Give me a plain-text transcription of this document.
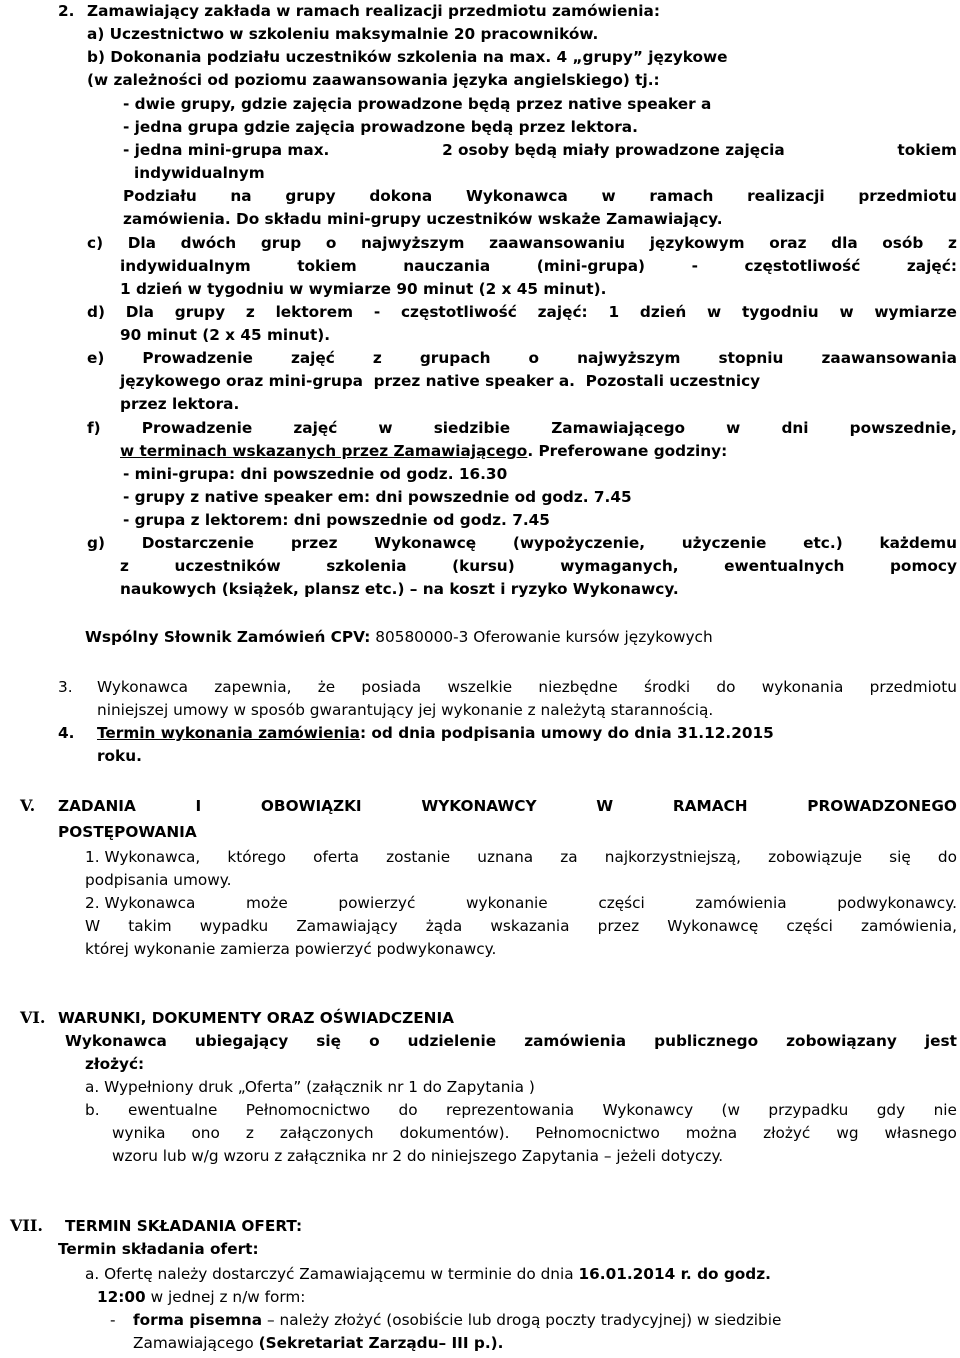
2. Zamawiający zakłada w ramach realizacji przedmiotu zamówienia:
a) Uczestnictwo w szkoleniu maksymalnie 20 pracowników.
b) Dokonania podziału uczestników szkolenia na max. 4 „grupy” językowe
(w zależności od poziomu zaawansowania języka angielskiego) tj.:
- dwie grupy, gdzie zajęcia prowadzone będą przez native speaker a
- jedna grupa gdzie zajęcia prowadzone będą przez lektora.
- jedna mini-grupa max.	2 osoby będą miały prowadzone zajęcia	tokiem
indywidualnym
Podziału na grupy dokona Wykonawca w ramach realizacji przedmiotu
zamówienia. Do składu mini-grupy uczestników wskaże Zamawiający.
c) Dla dwóch grup o najwyższym zaawansowaniu językowym oraz dla osób z
indywidualnym	tokiem	nauczania	(mini-grupa)	-	częstotliwość	zajęć:
1 dzień w tygodniu w wymiarze 90 minut (2 x 45 minut).
d) Dla grupy z lektorem - częstotliwość zajęć: 1 dzień w tygodniu w wymiarze
90 minut (2 x 45 minut).
e) Prowadzenie zajęć z grupach o najwyższym stopniu zaawansowania
językowego oraz mini-grupa  przez native speaker a.  Pozostali uczestnicy
przez lektora.
f)	Prowadzenie	zajęć	w	siedzibie	Zamawiającego	w	dni	powszednie,
w terminach wskazanych przez Zamawiającego. Preferowane godziny:
- mini-grupa: dni powszednie od godz. 16.30
- grupy z native speaker em: dni powszednie od godz. 7.45
- grupa z lektorem: dni powszednie od godz. 7.45
g) Dostarczenie przez Wykonawcę (wypożyczenie, użyczenie etc.) każdemu
z	uczestników	szkolenia	(kursu)	wymaganych,	ewentualnych	pomocy
naukowych (książek, plansz etc.) – na koszt i ryzyko Wykonawcy.
Wspólny Słownik Zamówień CPV: 80580000-3 Oferowanie kursów językowych
3. Wykonawca zapewnia, że posiada wszelkie niezbędne środki do wykonania przedmiotu
niniejszej umowy w sposób gwarantujący jej wykonanie z należytą starannością.
4. Termin wykonania zamówienia: od dnia podpisania umowy do dnia 31.12.2015
roku.
V. ZADANIA	I	OBOWIĄZKI	WYKONAWCY	W	RAMACH	PROWADZONEGO
POSTĘPOWANIA
1. Wykonawca, którego oferta zostanie uznana za najkorzystniejszą, zobowiązuje się do
podpisania umowy.
2. Wykonawca	może	powierzyć	wykonanie	części	zamówienia	podwykonawcy.
W takim wypadku Zamawiający żąda wskazania przez Wykonawcę części zamówienia,
której wykonanie zamierza powierzyć podwykonawcy.
VI. WARUNKI, DOKUMENTY ORAZ OŚWIADCZENIA
Wykonawca ubiegający się o udzielenie zamówienia publicznego zobowiązany jest
złożyć:
a. Wypełniony druk „Oferta” (załącznik nr 1 do Zapytania )
b. ewentualne Pełnomocnictwo do reprezentowania Wykonawcy (w przypadku gdy nie
wynika ono z załączonych dokumentów). Pełnomocnictwo można złożyć wg własnego
wzoru lub w/g wzoru z załącznika nr 2 do niniejszego Zapytania – jeżeli dotyczy.
VII. TERMIN SKŁADANIA OFERT:
Termin składania ofert:
a. Ofertę należy dostarczyć Zamawiającemu w terminie do dnia 16.01.2014 r. do godz.
12:00 w jednej z n/w form:
- forma pisemna – należy złożyć (osobiście lub drogą poczty tradycyjnej) w siedzibie
Zamawiającego (Sekretariat Zarządu– III p.).
